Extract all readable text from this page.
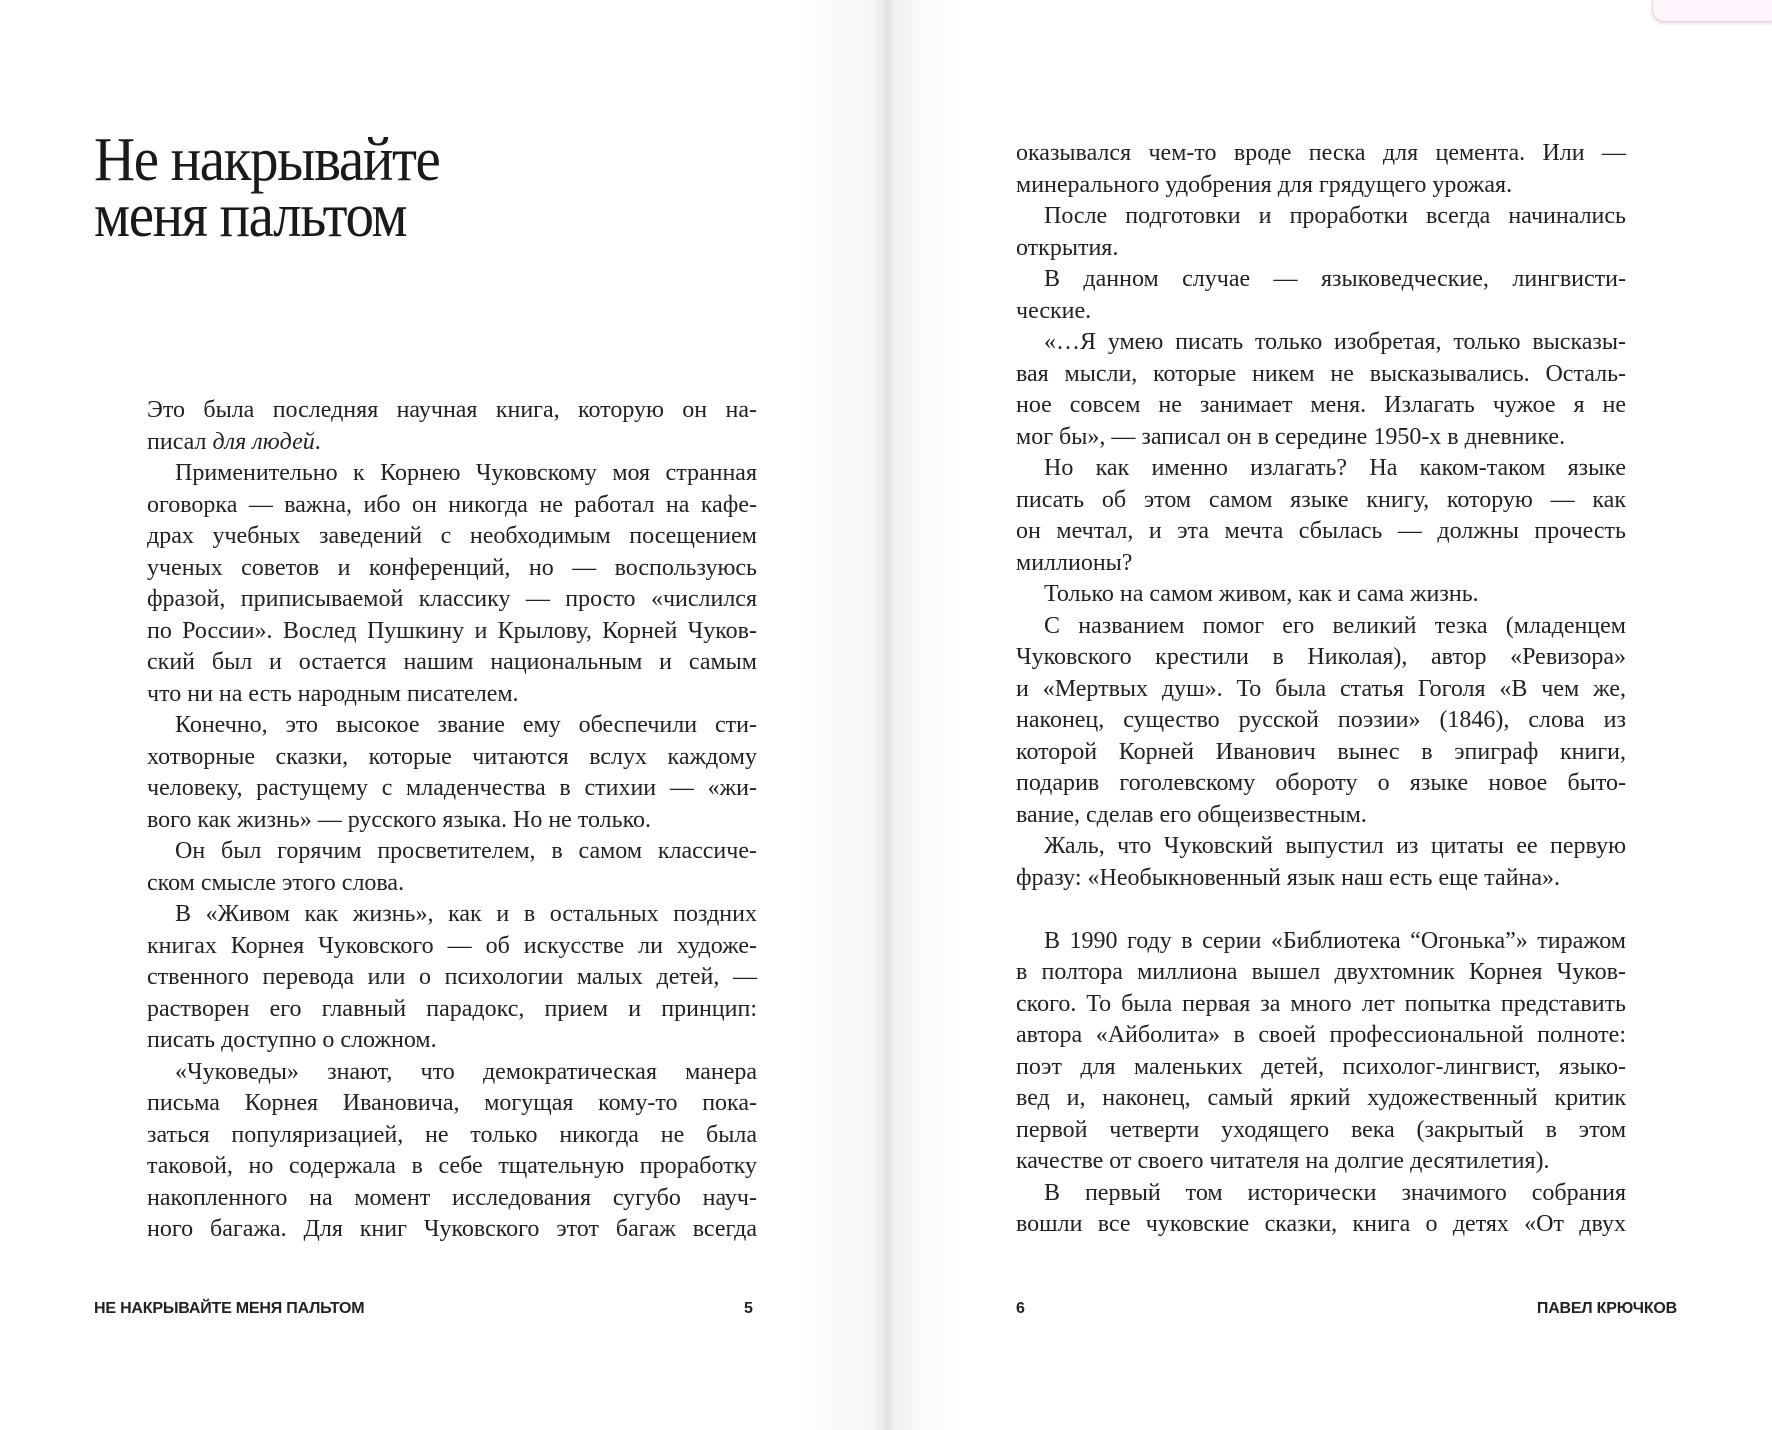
Не накрывайте
меня пальтом
Это была последняя научная книга, которую он на-
писал для людей.
Применительно к Корнею Чуковскому моя странная
оговорка — важна, ибо он никогда не работал на кафе-
драх учебных заведений с необходимым посещением
ученых советов и конференций, но — воспользуюсь
фразой, приписываемой классику — просто «числился
по России». Вослед Пушкину и Крылову, Корней Чуков-
ский был и остается нашим национальным и самым
что ни на есть народным писателем.
Конечно, это высокое звание ему обеспечили сти-
хотворные сказки, которые читаются вслух каждому
человеку, растущему с младенчества в стихии — «жи-
вого как жизнь» — русского языка. Но не только.
Он был горячим просветителем, в самом классиче-
ском смысле этого слова.
В «Живом как жизнь», как и в остальных поздних
книгах Корнея Чуковского — об искусстве ли художе-
ственного перевода или о психологии малых детей, —
растворен его главный парадокс, прием и принцип:
писать доступно о сложном.
«Чуковеды» знают, что демократическая манера
письма Корнея Ивановича, могущая кому-то пока-
заться популяризацией, не только никогда не была
таковой, но содержала в себе тщательную проработку
накопленного на момент исследования сугубо науч-
ного багажа. Для книг Чуковского этот багаж всегда
НЕ НАКРЫВАЙТЕ МЕНЯ ПАЛЬТОМ	5
оказывался чем-то вроде песка для цемента. Или —
минерального удобрения для грядущего урожая.
После подготовки и проработки всегда начинались
открытия.
В данном случае — языковедческие, лингвисти-
ческие.
«…Я умею писать только изобретая, только высказы-
вая мысли, которые никем не высказывались. Осталь-
ное совсем не занимает меня. Излагать чужое я не
мог бы», — записал он в середине 1950-х в дневнике.
Но как именно излагать? На каком-таком языке
писать об этом самом языке книгу, которую — как
он мечтал, и эта мечта сбылась — должны прочесть
миллионы?
Только на самом живом, как и сама жизнь.
С названием помог его великий тезка (младенцем
Чуковского крестили в Николая), автор «Ревизора»
и «Мертвых душ». То была статья Гоголя «В чем же,
наконец, существо русской поэзии» (1846), слова из
которой Корней Иванович вынес в эпиграф книги,
подарив гоголевскому обороту о языке новое быто-
вание, сделав его общеизвестным.
Жаль, что Чуковский выпустил из цитаты ее первую
фразу: «Необыкновенный язык наш есть еще тайна».
В 1990 году в серии «Библиотека “Огонька”» тиражом
в полтора миллиона вышел двухтомник Корнея Чуков-
ского. То была первая за много лет попытка представить
автора «Айболита» в своей профессиональной полноте:
поэт для маленьких детей, психолог-лингвист, языко-
вед и, наконец, самый яркий художественный критик
первой четверти уходящего века (закрытый в этом
качестве от своего читателя на долгие десятилетия).
В первый том исторически значимого собрания
вошли все чуковские сказки, книга о детях «От двух
6	ПАВЕЛ КРЮЧКОВ
